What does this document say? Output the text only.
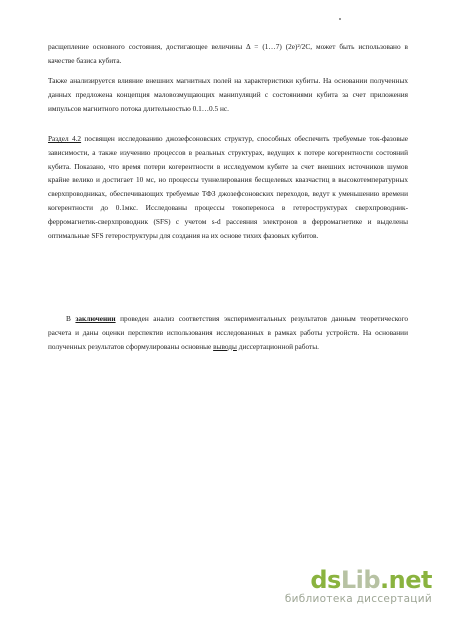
расщепление основного состояния, достигающее величины Δ = (1…7) (2e)²/2C, может быть использовано в качестве базиса кубита.

Также анализируется влияние внешних магнитных полей на характеристики кубиты. На основании полученных данных предложена концепция маловозмущающих манипуляций с состояниями кубита за счет приложения импульсов магнитного потока длительностью 0.1…0.5 нс.

Раздел 4.2 посвящен исследованию джозефсоновских структур, способных обеспечить требуемые ток-фазовые зависимости, а также изучению процессов в реальных структурах, ведущих к потере когерентности состояний кубита. Показано, что время потери когерентности в исследуемом кубите за счет внешних источников шумов крайне велико и достигает 10 мс, но процессы туннелирования бесщелевых квазчастиц в высокотемпературных сверхпроводниках, обеспечивающих требуемые ТФЗ джозефсоновских переходов, ведут к уменьшению времени когерентности до 0.1мкс. Исследованы процессы токопереноса в гетероструктурах сверхпроводник-ферромагнетик-сверхпроводник (SFS) с учетом s-d рассеяния электронов в ферромагнетике и выделены оптимальные SFS гетероструктуры для создания на их основе тихих фазовых кубитов.

В заключении проведен анализ соответствия экспериментальных результатов данным теоретического расчета и даны оценки перспектив использования исследованных в рамках работы устройств. На основании полученных результатов сформулированы основные выводы диссертационной работы.

dsLib.net
библиотека диссертаций
